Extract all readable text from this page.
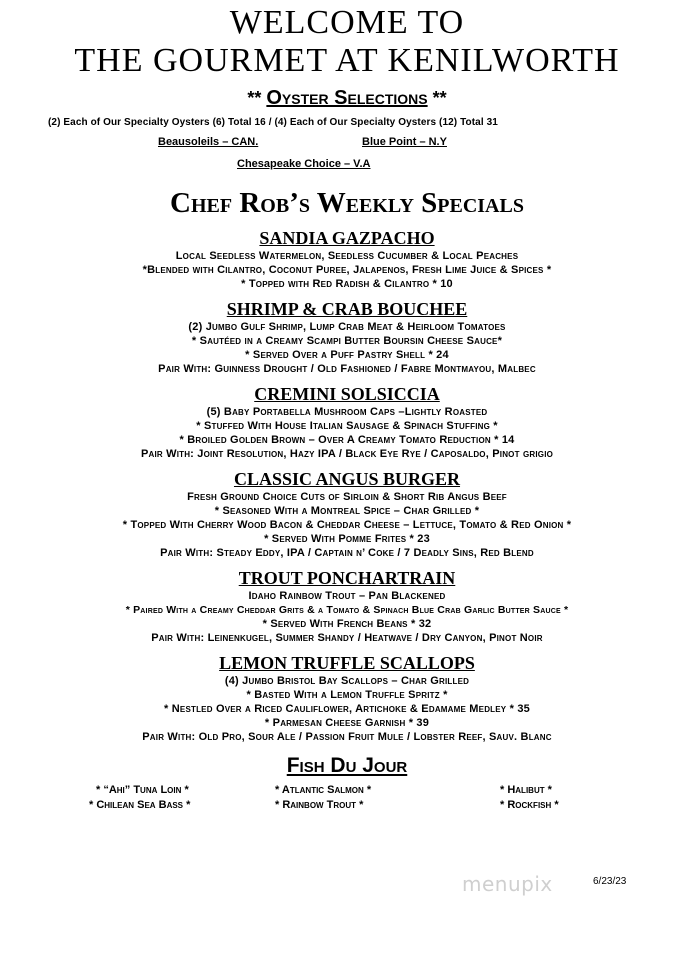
WELCOME TO
THE GOURMET AT KENILWORTH
** Oyster Selections **
(2) Each of Our Specialty Oysters (6) Total 16 / (4) Each of Our Specialty Oysters (12) Total 31
Beausoleils – CAN.	Blue Point – N.Y
Chesapeake Choice – V.A
Chef Rob’s Weekly Specials
SANDIA GAZPACHO
Local Seedless Watermelon, Seedless Cucumber & Local Peaches
*Blended with Cilantro, Coconut Puree, Jalapenos, Fresh Lime Juice & Spices *
* Topped with Red Radish & Cilantro * 10
SHRIMP & CRAB BOUCHEE
(2) Jumbo Gulf Shrimp, Lump Crab Meat & Heirloom Tomatoes
* Sautéed in a Creamy Scampi Butter Boursin Cheese Sauce*
* Served Over a Puff Pastry Shell * 24
Pair With: Guinness Drought / Old Fashioned / Fabre Montmayou, Malbec
CREMINI SOLSICCIA
(5) Baby Portabella Mushroom Caps –Lightly Roasted
* Stuffed With House Italian Sausage & Spinach Stuffing *
* Broiled Golden Brown – Over A Creamy Tomato Reduction * 14
Pair With: Joint Resolution, Hazy IPA / Black Eye Rye / Caposaldo, Pinot grigio
CLASSIC ANGUS BURGER
Fresh Ground Choice Cuts of Sirloin & Short Rib Angus Beef
* Seasoned With a Montreal Spice – Char Grilled *
* Topped With Cherry Wood Bacon & Cheddar Cheese – Lettuce, Tomato & Red Onion *
* Served With Pomme Frites * 23
Pair With: Steady Eddy, IPA / Captain n’ Coke / 7 Deadly Sins, Red Blend
TROUT PONCHARTRAIN
Idaho Rainbow Trout – Pan Blackened
* Paired With a Creamy Cheddar Grits & a Tomato & Spinach Blue Crab Garlic Butter Sauce *
* Served With French Beans * 32
Pair With: Leinenkugel, Summer Shandy / Heatwave / Dry Canyon, Pinot Noir
LEMON TRUFFLE SCALLOPS
(4) Jumbo Bristol Bay Scallops – Char Grilled
* Basted With a Lemon Truffle Spritz *
* Nestled Over a Riced Cauliflower, Artichoke & Edamame Medley * 35
* Parmesan Cheese Garnish * 39
Pair With: Old Pro, Sour Ale / Passion Fruit Mule / Lobster Reef, Sauv. Blanc
Fish Du Jour
* “Ahi” Tuna Loin *	* Atlantic Salmon *	* Halibut *
* Chilean Sea Bass *	* Rainbow Trout *	* Rockfish *
menupix	6/23/23
